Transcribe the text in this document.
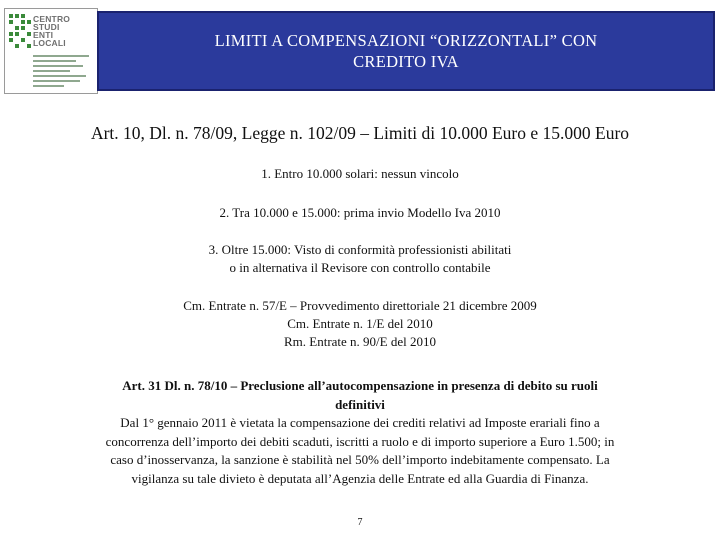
CENTRO
STUDI
ENTI
LOCALI	LIMITI A COMPENSAZIONI “ORIZZONTALI” CON
CREDITO IVA
Art. 10, Dl. n. 78/09, Legge n. 102/09 – Limiti di 10.000 Euro e 15.000 Euro
1. Entro 10.000 solari: nessun vincolo
2. Tra 10.000 e 15.000: prima invio Modello Iva 2010
3. Oltre 15.000: Visto di conformità professionisti abilitati
o in alternativa il Revisore con controllo contabile
Cm. Entrate n. 57/E – Provvedimento direttoriale 21 dicembre 2009
Cm. Entrate n. 1/E del 2010
Rm. Entrate n. 90/E del 2010
Art. 31 Dl. n. 78/10 – Preclusione all’autocompensazione in presenza di debito su ruoli
definitivi
Dal 1° gennaio 2011 è vietata la compensazione dei crediti relativi ad Imposte erariali fino a
concorrenza dell’importo dei debiti scaduti, iscritti a ruolo e di importo superiore a Euro 1.500; in
caso d’inosservanza, la sanzione è stabilità nel 50% dell’importo indebitamente compensato. La
vigilanza su tale divieto è deputata all’Agenzia delle Entrate ed alla Guardia di Finanza.
7
